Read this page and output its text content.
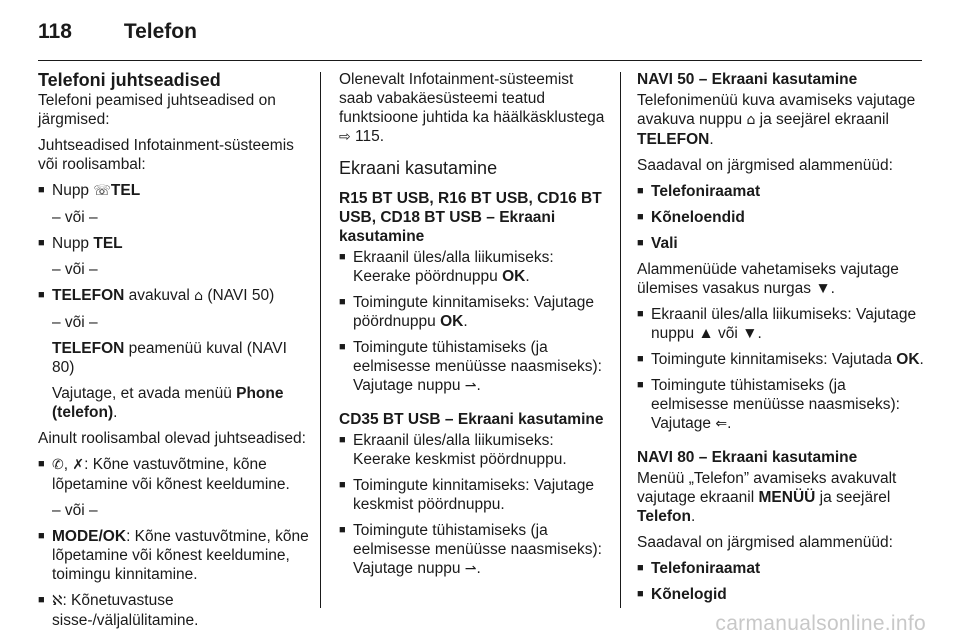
118 Telefon
Telefoni juhtseadised

Telefoni peamised juhtseadised on järgmised:

Juhtseadised Infotainment-süsteemis või roolisambal:

■ Nupp ☏TEL
– või –
■ Nupp TEL
– või –
■ TELEFON avakuval ⌂ (NAVI 50)
– või –
TELEFON peamenüü kuval (NAVI 80)
Vajutage, et avada menüü Phone (telefon).

Ainult roolisambal olevad juhtseadised:

■ ✆, ✗: Kõne vastuvõtmine, kõne lõpetamine või kõnest keeldumine.
– või –
■ MODE/OK: Kõne vastuvõtmine, kõne lõpetamine või kõnest keeldumine, toimingu kinnitamine.
■ ℵ: Kõnetuvastuse sisse-/väljalülitamine.

Olenevalt Infotainment-süsteemist saab vabakäesüsteemi teatud funktsioone juhtida ka häälkäsklustega ⇨ 115.

Ekraani kasutamine
R15 BT USB, R16 BT USB, CD16 BT USB, CD18 BT USB – Ekraani kasutamine
■ Ekraanil üles/alla liikumiseks: Keerake pöördnuppu OK.
■ Toimingute kinnitamiseks: Vajutage pöördnuppu OK.
■ Toimingute tühistamiseks (ja eelmisesse menüüsse naasmiseks): Vajutage nuppu ⇀.
CD35 BT USB – Ekraani kasutamine
■ Ekraanil üles/alla liikumiseks: Keerake keskmist pöördnuppu.
■ Toimingute kinnitamiseks: Vajutage keskmist pöördnuppu.
■ Toimingute tühistamiseks (ja eelmisesse menüüsse naasmiseks): Vajutage nuppu ⇀.
NAVI 50 – Ekraani kasutamine

Telefonimenüü kuva avamiseks vajutage avakuva nuppu ⌂ ja seejärel ekraanil TELEFON.

Saadaval on järgmised alammenüüd:

■ Telefoniraamat
■ Kõneloendid
■ Vali

Alammenüüde vahetamiseks vajutage ülemises vasakus nurgas ▼.

■ Ekraanil üles/alla liikumiseks: Vajutage nuppu ▲ või ▼.
■ Toimingute kinnitamiseks: Vajutada OK.
■ Toimingute tühistamiseks (ja eelmisesse menüüsse naasmiseks): Vajutage ⇐.
NAVI 80 – Ekraani kasutamine

Menüü „Telefon” avamiseks avakuvalt vajutage ekraanil MENÜÜ ja seejärel Telefon.

Saadaval on järgmised alammenüüd:

■ Telefoniraamat
■ Kõnelogid
carmanualsonline.info
